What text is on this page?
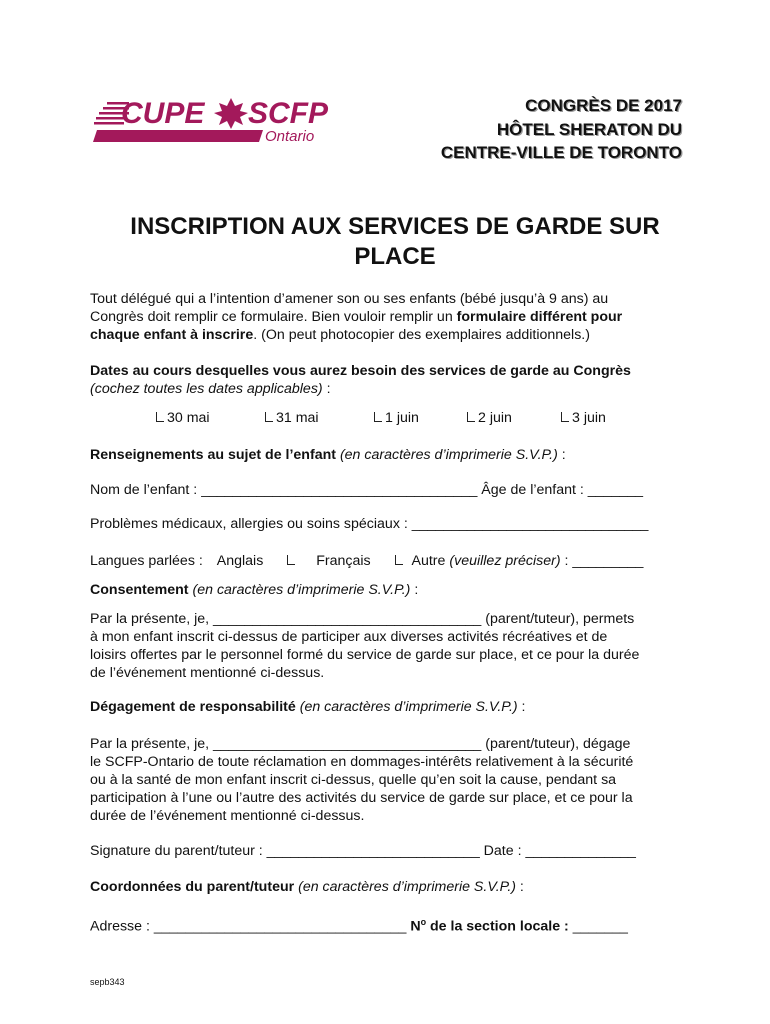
CUPE SCFP
Ontario
CONGRÈS DE 2017
HÔTEL SHERATON DU
CENTRE-VILLE DE TORONTO
INSCRIPTION AUX SERVICES DE GARDE SUR
PLACE
Tout délégué qui a l’intention d’amener son ou ses enfants (bébé jusqu’à 9 ans) au
Congrès doit remplir ce formulaire. Bien vouloir remplir un formulaire différent pour
chaque enfant à inscrire. (On peut photocopier des exemplaires additionnels.)
Dates au cours desquelles vous aurez besoin des services de garde au Congrès
(cochez toutes les dates applicables) :
30 mai	31 mai	1 juin	2 juin	3 juin
Renseignements au sujet de l’enfant (en caractères d’imprimerie S.V.P.) :
Nom de l’enfant : ___________________________________ Âge de l’enfant : _______
Problèmes médicaux, allergies ou soins spéciaux : ______________________________
Langues parlées : Anglais	Français	Autre (veuillez préciser) : _________
Consentement (en caractères d’imprimerie S.V.P.) :
Par la présente, je, __________________________________ (parent/tuteur), permets
à mon enfant inscrit ci-dessus de participer aux diverses activités récréatives et de
loisirs offertes par le personnel formé du service de garde sur place, et ce pour la durée
de l’événement mentionné ci-dessus.
Dégagement de responsabilité (en caractères d’imprimerie S.V.P.) :
Par la présente, je, __________________________________ (parent/tuteur), dégage
le SCFP-Ontario de toute réclamation en dommages-intérêts relativement à la sécurité
ou à la santé de mon enfant inscrit ci-dessus, quelle qu’en soit la cause, pendant sa
participation à l’une ou l’autre des activités du service de garde sur place, et ce pour la
durée de l’événement mentionné ci-dessus.
Signature du parent/tuteur : ___________________________ Date : ______________
Coordonnées du parent/tuteur (en caractères d’imprimerie S.V.P.) :
Adresse : ________________________________ $N^o$ de la section locale : _______
sepb343
